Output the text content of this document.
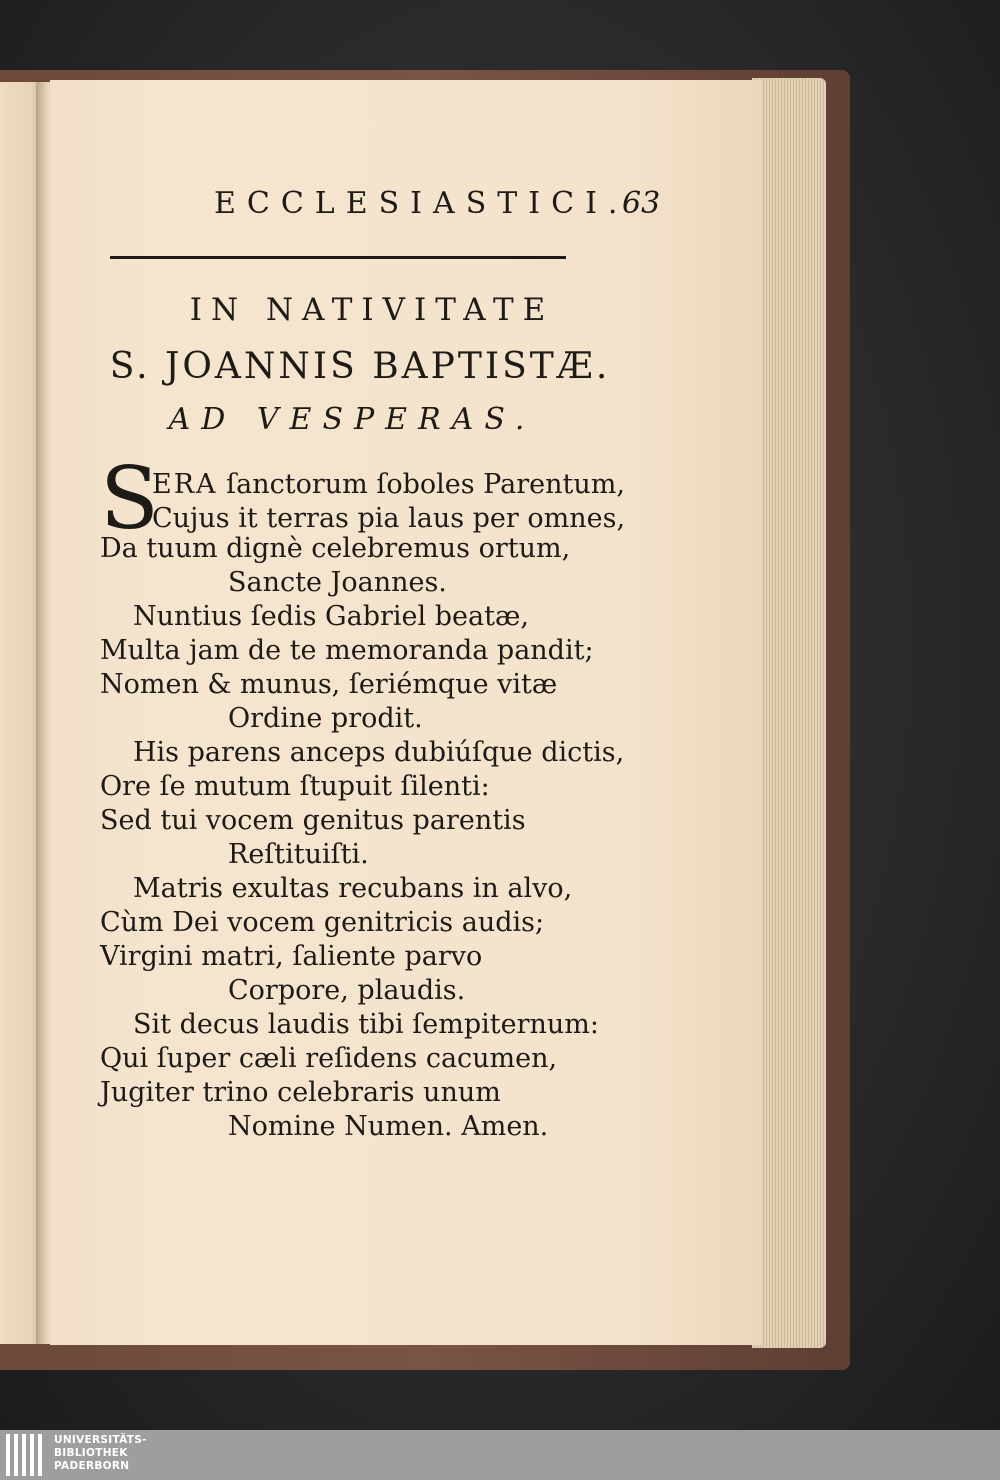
ECCLESIASTICI.
63
IN NATIVITATE
S. JOANNIS BAPTISTÆ.
AD VESPERAS.
S
ERA ſanctorum ſoboles Parentum,
Cujus it terras pia laus per omnes,
Da tuum dignè celebremus ortum,
Sancte Joannes.
Nuntius ſedis Gabriel beatæ,
Multa jam de te memoranda pandit;
Nomen & munus, ſeriémque vitæ
Ordine prodit.
His parens anceps dubiúſque dictis,
Ore ſe mutum ſtupuit ſilenti:
Sed tui vocem genitus parentis
Reſtituiſti.
Matris exultas recubans in alvo,
Cùm Dei vocem genitricis audis;
Virgini matri, ſaliente parvo
Corpore, plaudis.
Sit decus laudis tibi ſempiternum:
Qui ſuper cæli reſidens cacumen,
Jugiter trino celebraris unum
Nomine Numen. Amen.
UNIVERSITÄTS-
BIBLIOTHEK
PADERBORN
